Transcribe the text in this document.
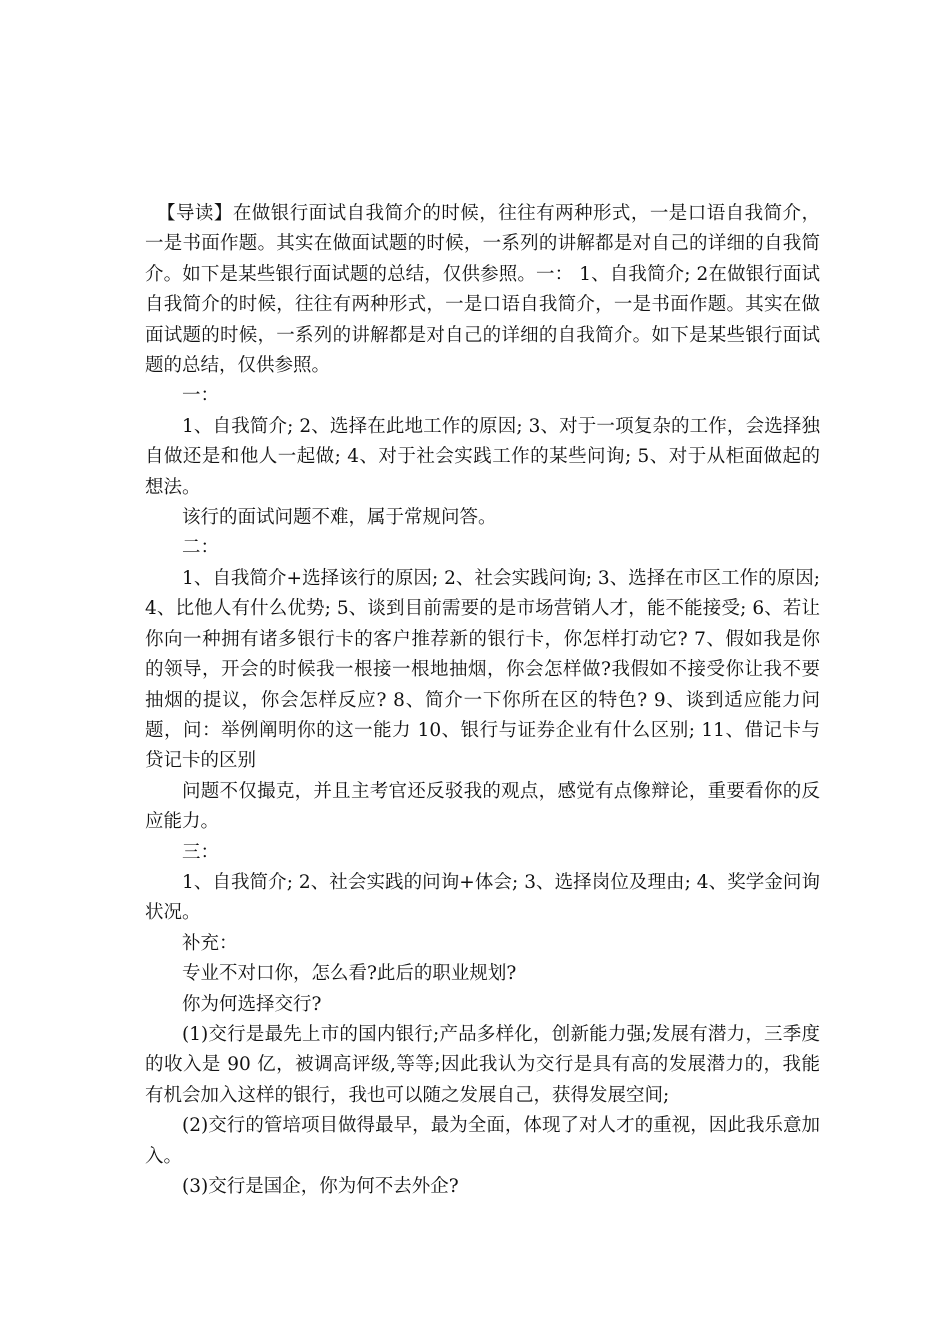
【导读】在做银行面试自我简介的时候，往往有两种形式，一是口语自我简介，一是书面作题。其实在做面试题的时候，一系列的讲解都是对自己的详细的自我简介。如下是某些银行面试题的总结，仅供参照。一： 1、自我简介; 2在做银行面试自我简介的时候，往往有两种形式，一是口语自我简介，一是书面作题。其实在做面试题的时候，一系列的讲解都是对自己的详细的自我简介。如下是某些银行面试题的总结，仅供参照。

一：

1、自我简介; 2、选择在此地工作的原因; 3、对于一项复杂的工作，会选择独自做还是和他人一起做; 4、对于社会实践工作的某些问询; 5、对于从柜面做起的想法。

该行的面试问题不难，属于常规问答。

二：

1、自我简介+选择该行的原因; 2、社会实践问询; 3、选择在市区工作的原因; 4、比他人有什么优势; 5、谈到目前需要的是市场营销人才，能不能接受; 6、若让你向一种拥有诸多银行卡的客户推荐新的银行卡，你怎样打动它? 7、假如我是你的领导，开会的时候我一根接一根地抽烟，你会怎样做?我假如不接受你让我不要抽烟的提议，你会怎样反应? 8、简介一下你所在区的特色? 9、谈到适应能力问题，问：举例阐明你的这一能力 10、银行与证券企业有什么区别; 11、借记卡与贷记卡的区别

问题不仅撮克，并且主考官还反驳我的观点，感觉有点像辩论，重要看你的反应能力。

三：

1、自我简介; 2、社会实践的问询+体会; 3、选择岗位及理由; 4、奖学金问询状况。

补充：

专业不对口你，怎么看?此后的职业规划?

你为何选择交行?

(1)交行是最先上市的国内银行;产品多样化，创新能力强;发展有潜力，三季度的收入是 90 亿，被调高评级,等等;因此我认为交行是具有高的发展潜力的，我能有机会加入这样的银行，我也可以随之发展自己，获得发展空间;

(2)交行的管培项目做得最早，最为全面，体现了对人才的重视，因此我乐意加入。

(3)交行是国企，你为何不去外企?
